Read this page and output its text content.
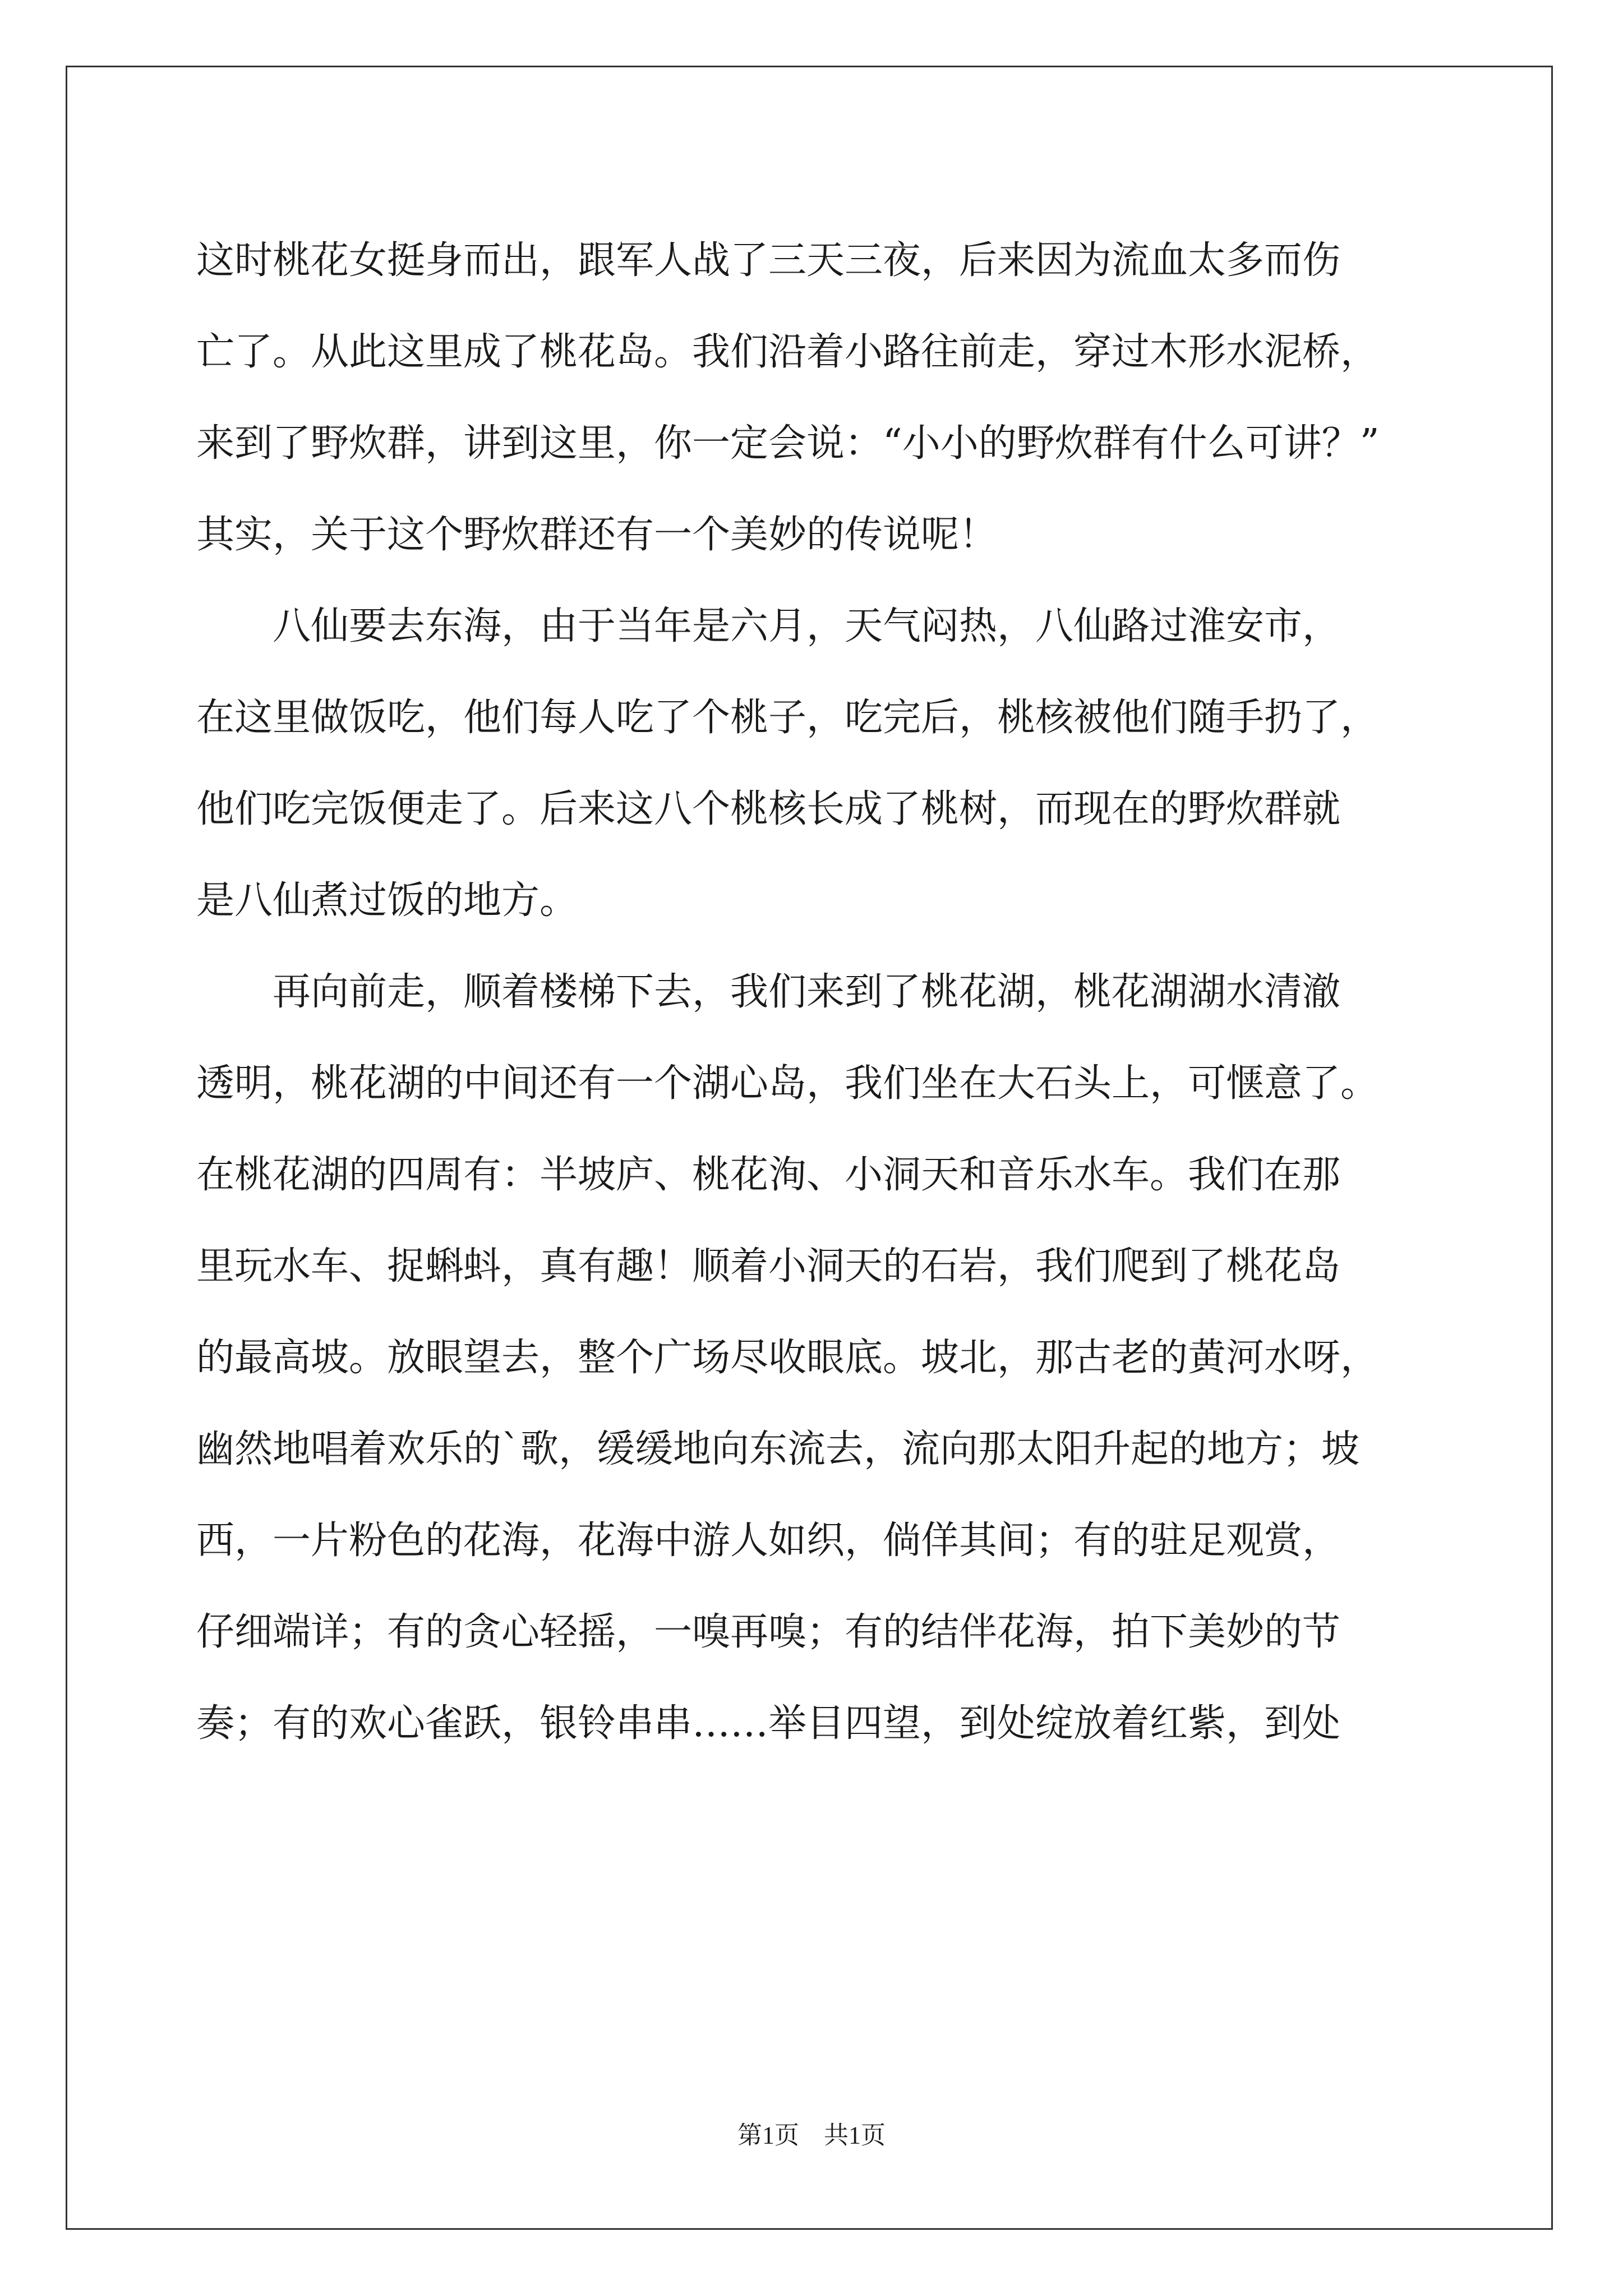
这时桃花女挺身而出，跟军人战了三天三夜，后来因为流血太多而伤
亡了。从此这里成了桃花岛。我们沿着小路往前走，穿过木形水泥桥，
来到了野炊群，讲到这里，你一定会说：“小小的野炊群有什么可讲？”
其实，关于这个野炊群还有一个美妙的传说呢！
　　八仙要去东海，由于当年是六月，天气闷热，八仙路过淮安市，
在这里做饭吃，他们每人吃了个桃子，吃完后，桃核被他们随手扔了，
他们吃完饭便走了。后来这八个桃核长成了桃树，而现在的野炊群就
是八仙煮过饭的地方。
　　再向前走，顺着楼梯下去，我们来到了桃花湖，桃花湖湖水清澈
透明，桃花湖的中间还有一个湖心岛，我们坐在大石头上，可惬意了。
在桃花湖的四周有：半坡庐、桃花洵、小洞天和音乐水车。我们在那
里玩水车、捉蝌蚪，真有趣！顺着小洞天的石岩，我们爬到了桃花岛
的最高坡。放眼望去，整个广场尽收眼底。坡北，那古老的黄河水呀，
幽然地唱着欢乐的`歌，缓缓地向东流去，流向那太阳升起的地方；坡
西，一片粉色的花海，花海中游人如织，倘佯其间；有的驻足观赏，
仔细端详；有的贪心轻摇，一嗅再嗅；有的结伴花海，拍下美妙的节
奏；有的欢心雀跃，银铃串串……举目四望，到处绽放着红紫，到处
第1页　共1页
